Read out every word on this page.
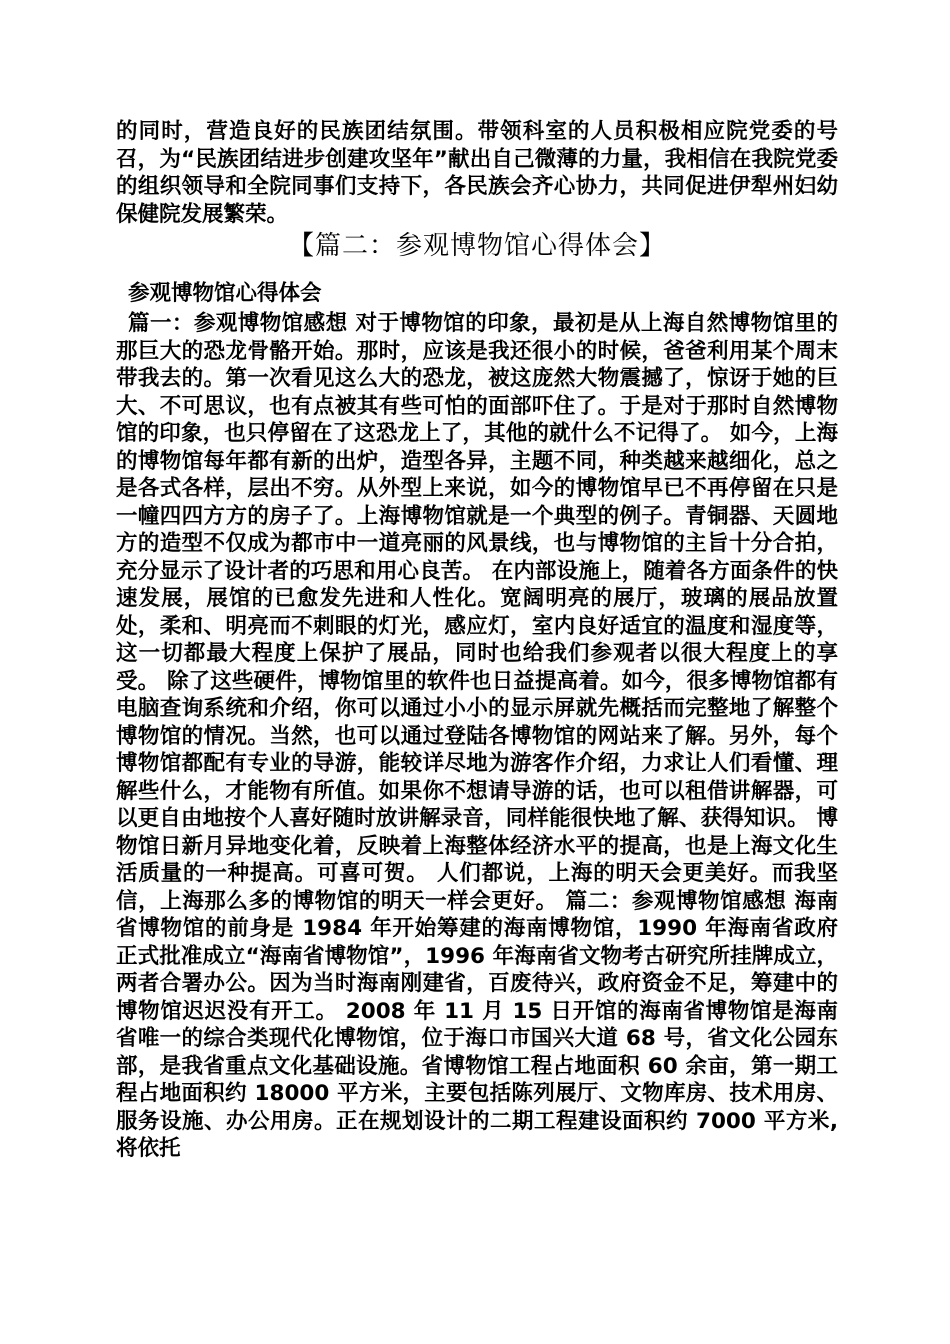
的同时，营造良好的民族团结氛围。带领科室的人员积极相应院党委的号召，为“民族团结进步创建攻坚年”献出自己微薄的力量，我相信在我院党委的组织领导和全院同事们支持下，各民族会齐心协力，共同促进伊犁州妇幼保健院发展繁荣。

【篇二：参观博物馆心得体会】

参观博物馆心得体会

篇一：参观博物馆感想 对于博物馆的印象，最初是从上海自然博物馆里的那巨大的恐龙骨骼开始。那时，应该是我还很小的时候，爸爸利用某个周末带我去的。第一次看见这么大的恐龙，被这庞然大物震撼了，惊讶于她的巨大、不可思议，也有点被其有些可怕的面部吓住了。于是对于那时自然博物馆的印象，也只停留在了这恐龙上了，其他的就什么不记得了。 如今，上海的博物馆每年都有新的出炉，造型各异，主题不同，种类越来越细化，总之是各式各样，层出不穷。从外型上来说，如今的博物馆早已不再停留在只是一幢四四方方的房子了。上海博物馆就是一个典型的例子。青铜器、天圆地方的造型不仅成为都市中一道亮丽的风景线，也与博物馆的主旨十分合拍，充分显示了设计者的巧思和用心良苦。 在内部设施上，随着各方面条件的快速发展，展馆的已愈发先进和人性化。宽阔明亮的展厅，玻璃的展品放置处，柔和、明亮而不刺眼的灯光，感应灯，室内良好适宜的温度和湿度等，这一切都最大程度上保护了展品，同时也给我们参观者以很大程度上的享受。 除了这些硬件，博物馆里的软件也日益提高着。如今，很多博物馆都有电脑查询系统和介绍，你可以通过小小的显示屏就先概括而完整地了解整个博物馆的情况。当然，也可以通过登陆各博物馆的网站来了解。另外，每个博物馆都配有专业的导游，能较详尽地为游客作介绍，力求让人们看懂、理解些什么，才能物有所值。如果你不想请导游的话，也可以租借讲解器，可以更自由地按个人喜好随时放讲解录音，同样能很快地了解、获得知识。 博物馆日新月异地变化着，反映着上海整体经济水平的提高，也是上海文化生活质量的一种提高。可喜可贺。 人们都说，上海的明天会更美好。而我坚信，上海那么多的博物馆的明天一样会更好。 篇二：参观博物馆感想 海南省博物馆的前身是 1984 年开始筹建的海南博物馆，1990 年海南省政府正式批准成立“海南省博物馆”，1996 年海南省文物考古研究所挂牌成立，两者合署办公。因为当时海南刚建省，百废待兴，政府资金不足，筹建中的博物馆迟迟没有开工。 2008 年 11 月 15 日开馆的海南省博物馆是海南省唯一的综合类现代化博物馆，位于海口市国兴大道 68 号，省文化公园东部，是我省重点文化基础设施。省博物馆工程占地面积 60 余亩，第一期工程占地面积约 18000 平方米，主要包括陈列展厅、文物库房、技术用房、服务设施、办公用房。正在规划设计的二期工程建设面积约 7000 平方米,将依托
